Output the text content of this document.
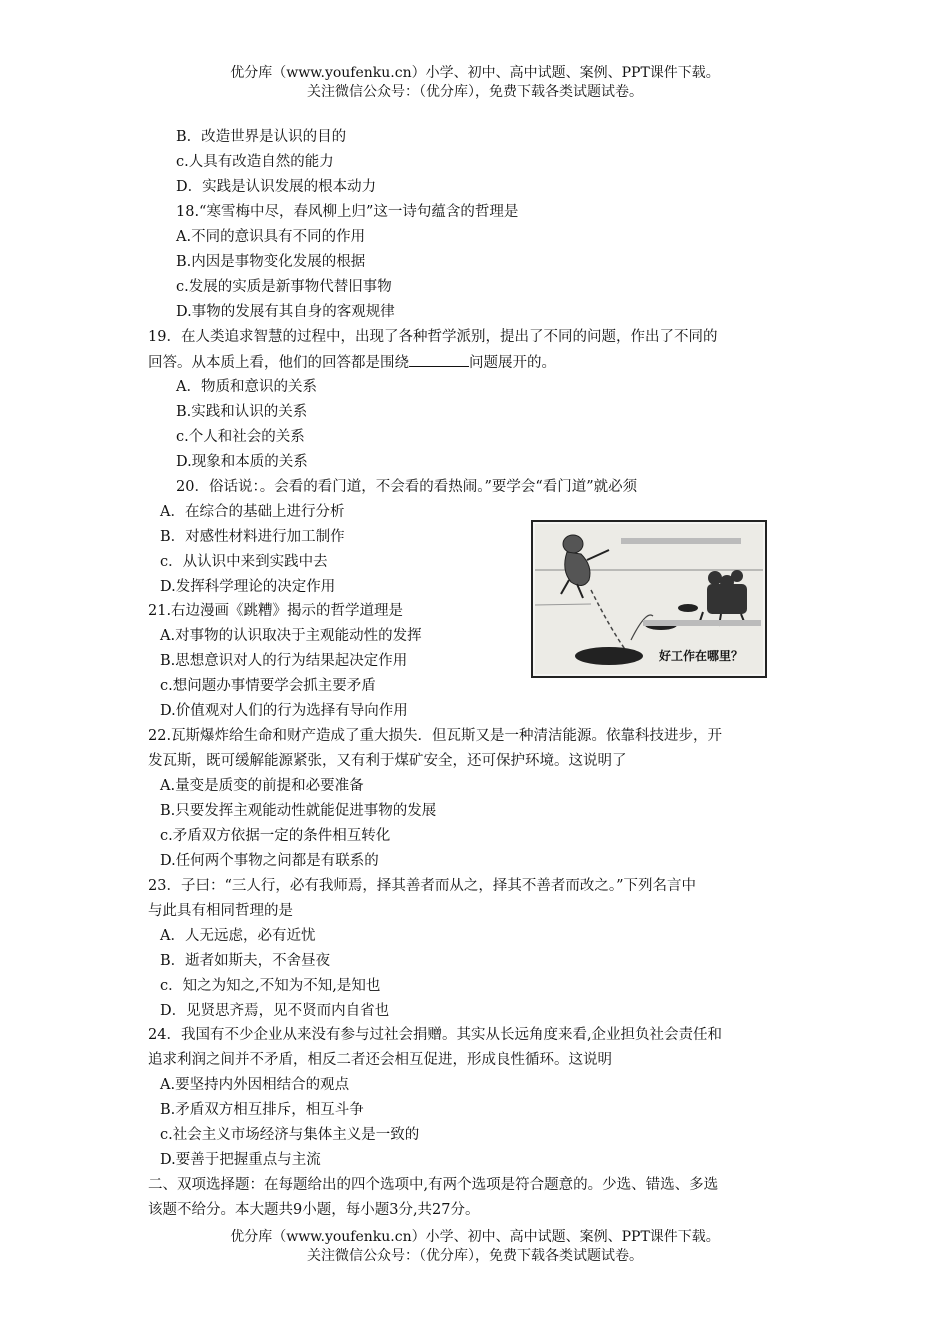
优分库（www.youfenku.cn）小学、初中、高中试题、案例、PPT课件下载。
关注微信公众号：（优分库），免费下载各类试题试卷。
B．改造世界是认识的目的
c.人具有改造自然的能力
D．实践是认识发展的根本动力
18.“寒雪梅中尽，春风柳上归”这一诗句蕴含的哲理是
A.不同的意识具有不同的作用
B.内因是事物变化发展的根据
c.发展的实质是新事物代替旧事物
D.事物的发展有其自身的客观规律
19．在人类追求智慧的过程中，出现了各种哲学派别，提出了不同的问题，作出了不同的
回答。从本质上看，他们的回答都是围绕	问题展开的。
A．物质和意识的关系
B.实践和认识的关系
c.个人和社会的关系
D.现象和本质的关系
20．俗话说：。会看的看门道，不会看的看热闹。”要学会“看门道”就必须
A．在综合的基础上进行分析
B．对感性材料进行加工制作
c．从认识中来到实践中去
D.发挥科学理论的决定作用
21.右边漫画《跳糟》揭示的哲学道理是
A.对事物的认识取决于主观能动性的发挥
B.思想意识对人的行为结果起决定作用
c.想问题办事情要学会抓主要矛盾
D.价值观对人们的行为选择有导向作用
好工作在哪里？
22.瓦斯爆炸给生命和财产造成了重大损失．但瓦斯又是一种清洁能源。依靠科技进步，开
发瓦斯，既可缓解能源紧张，又有利于煤矿安全，还可保护环境。这说明了
A.量变是质变的前提和必要准备
B.只要发挥主观能动性就能促进事物的发展
c.矛盾双方依据一定的条件相互转化
D.任何两个事物之问都是有联系的
23．子曰：“三人行，必有我师焉，择其善者而从之，择其不善者而改之。”下列名言中
与此具有相同哲理的是
A．人无远虑，必有近忧
B．逝者如斯夫，不舍昼夜
c．知之为知之,不知为不知,是知也
D．见贤思齐焉，见不贤而内自省也
24．我国有不少企业从来没有参与过社会捐赠。其实从长远角度来看,企业担负社会责任和
追求利润之间并不矛盾，相反二者还会相互促进，形成良性循环。这说明
A.要坚持内外因相结合的观点
B.矛盾双方相互排斥，相互斗争
c.社会主义市场经济与集体主义是一致的
D.要善于把握重点与主流
二、双项选择题：在每题给出的四个选项中,有两个选项是符合题意的。少选、错选、多选
该题不给分。本大题共9小题，每小题3分,共27分。
优分库（www.youfenku.cn）小学、初中、高中试题、案例、PPT课件下载。
关注微信公众号：（优分库），免费下载各类试题试卷。
